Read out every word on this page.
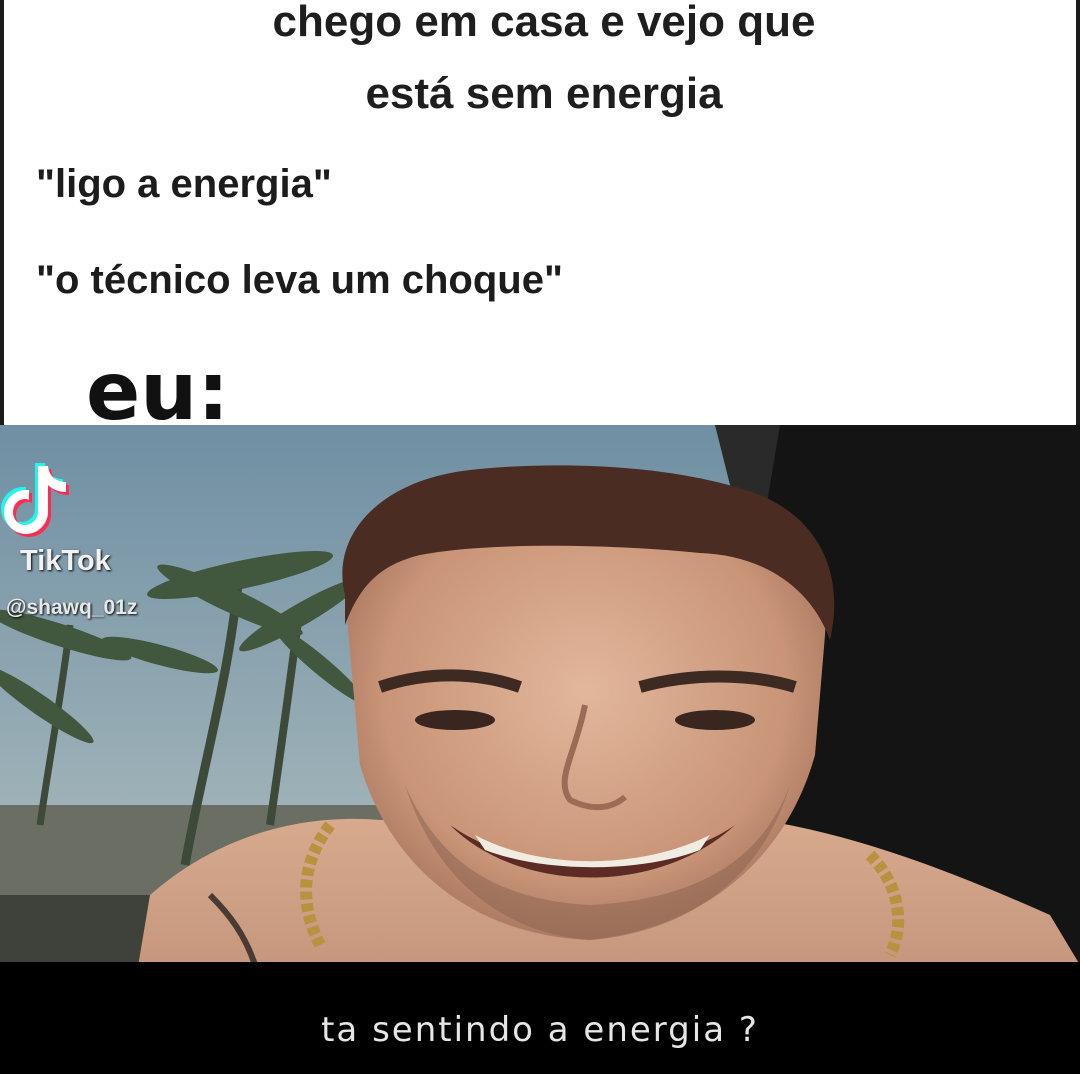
chego em casa e vejo que
está sem energia
"ligo a energia"
"o técnico leva um choque"
eu:
TikTok
@shawq_01z
ta sentindo a energia ?
